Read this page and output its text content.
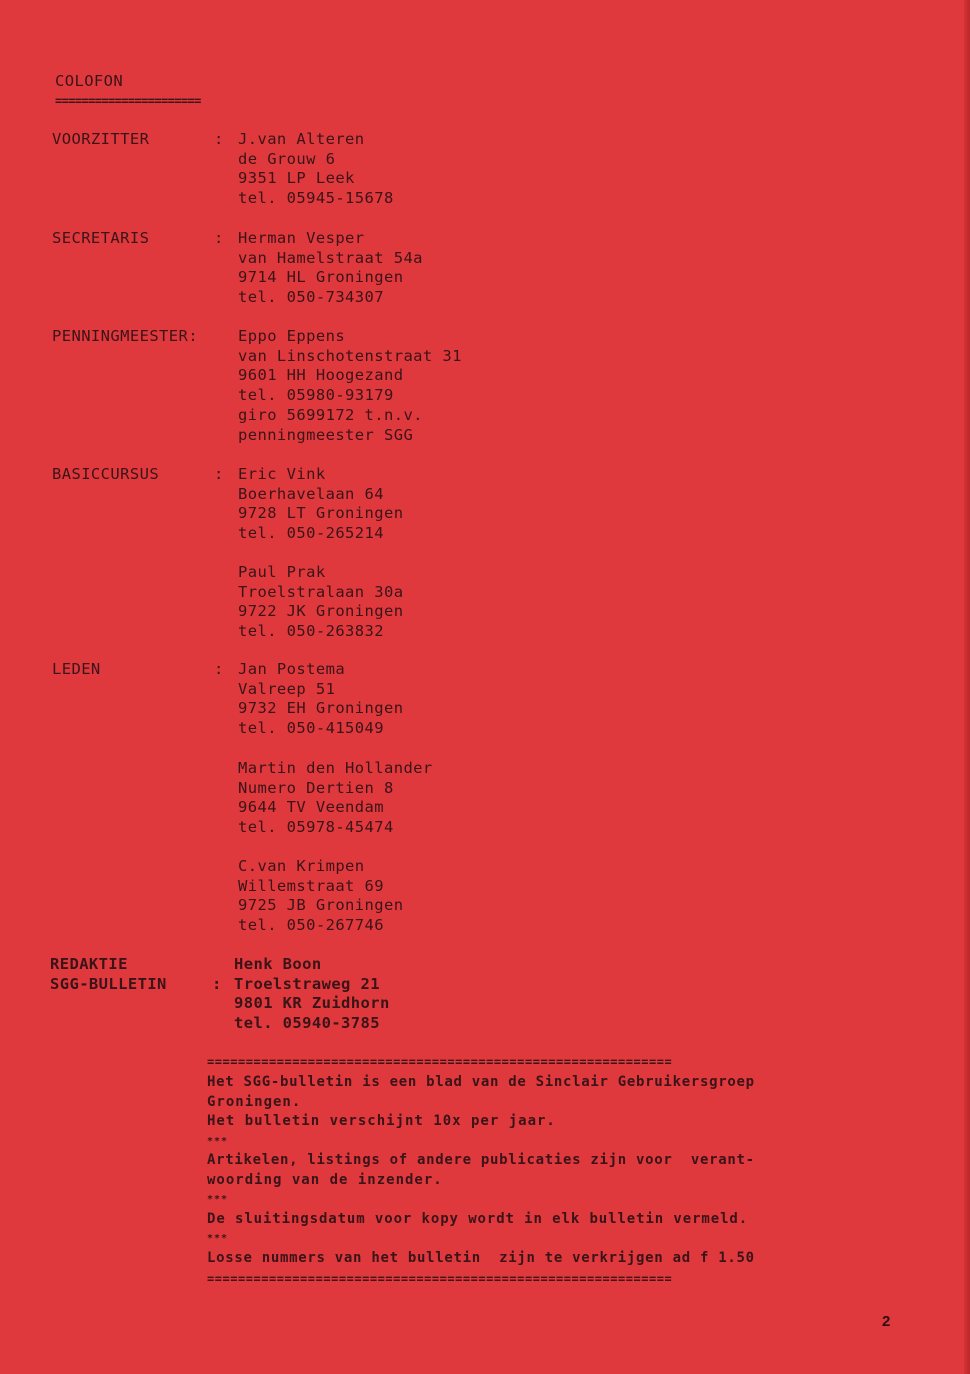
COLOFON
======================
VOORZITTER	: J.van Alteren
de Grouw 6
9351 LP Leek
tel. 05945-15678
SECRETARIS	: Herman Vesper
van Hamelstraat 54a
9714 HL Groningen
tel. 050-734307
PENNINGMEESTER:	Eppo Eppens
van Linschotenstraat 31
9601 HH Hoogezand
tel. 05980-93179
giro 5699172 t.n.v.
penningmeester SGG
BASICCURSUS	: Eric Vink
Boerhavelaan 64
9728 LT Groningen
tel. 050-265214
Paul Prak
Troelstralaan 30a
9722 JK Groningen
tel. 050-263832
LEDEN	: Jan Postema
Valreep 51
9732 EH Groningen
tel. 050-415049
Martin den Hollander
Numero Dertien 8
9644 TV Veendam
tel. 05978-45474
C.van Krimpen
Willemstraat 69
9725 JB Groningen
tel. 050-267746
REDAKTIE
SGG-BULLETIN	:
Henk Boon
Troelstraweg 21
9801 KR Zuidhorn
tel. 05940-3785
============================================================
Het SGG-bulletin is een blad van de Sinclair Gebruikersgroep
Groningen.
Het bulletin verschijnt 10x per jaar.
***
Artikelen, listings of andere publicaties zijn voor  verant-
woording van de inzender.
***
De sluitingsdatum voor kopy wordt in elk bulletin vermeld.
***
Losse nummers van het bulletin  zijn te verkrijgen ad f 1.50
============================================================
2
